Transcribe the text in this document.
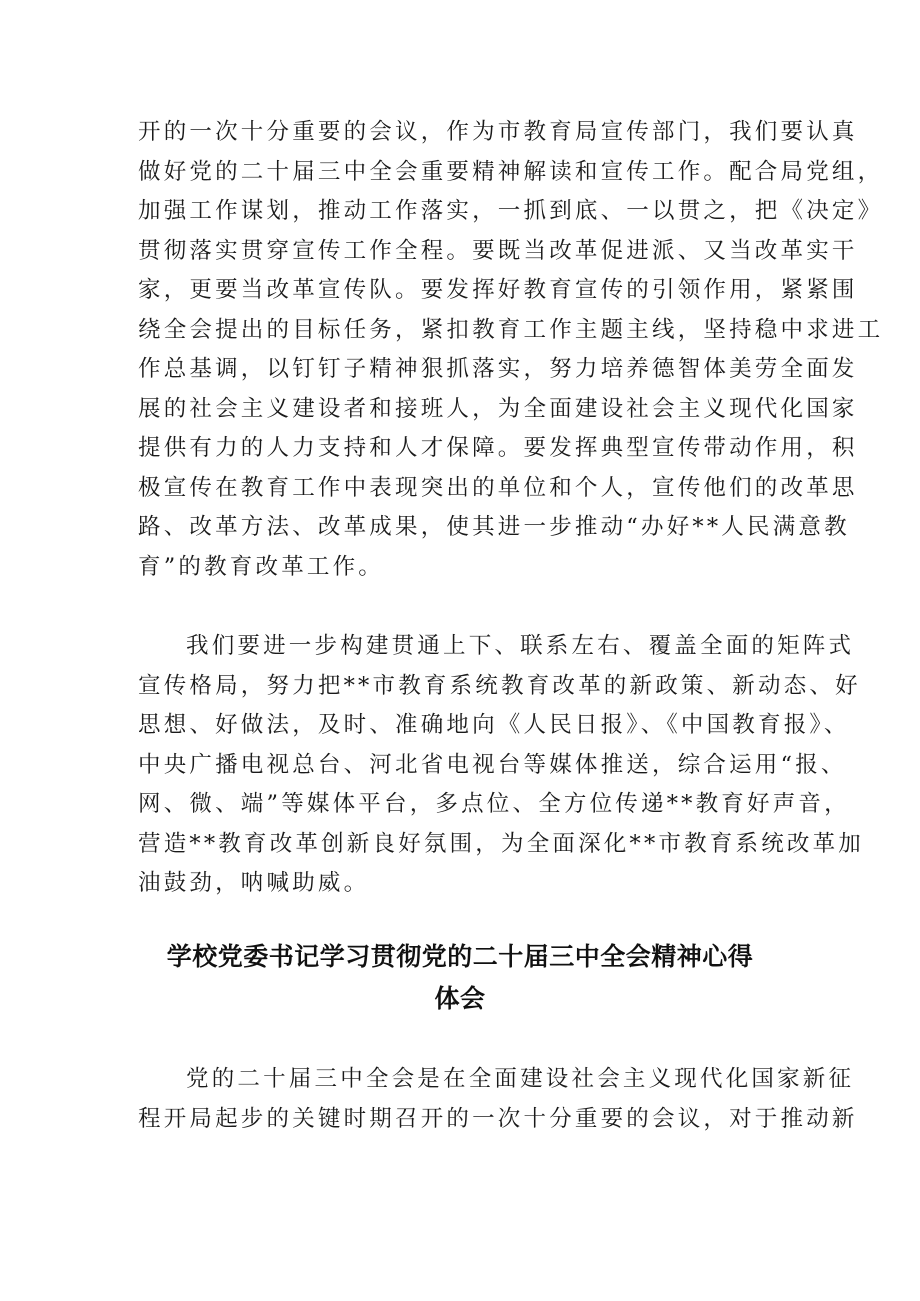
开的一次十分重要的会议，作为市教育局宣传部门，我们要认真
做好党的二十届三中全会重要精神解读和宣传工作。配合局党组，
加强工作谋划，推动工作落实，一抓到底、一以贯之，把《决定》
贯彻落实贯穿宣传工作全程。要既当改革促进派、又当改革实干
家，更要当改革宣传队。要发挥好教育宣传的引领作用，紧紧围
绕全会提出的目标任务，紧扣教育工作主题主线，坚持稳中求进工
作总基调，以钉钉子精神狠抓落实，努力培养德智体美劳全面发
展的社会主义建设者和接班人，为全面建设社会主义现代化国家
提供有力的人力支持和人才保障。要发挥典型宣传带动作用，积
极宣传在教育工作中表现突出的单位和个人，宣传他们的改革思
路、改革方法、改革成果，使其进一步推动“办好**人民满意教
育”的教育改革工作。

我们要进一步构建贯通上下、联系左右、覆盖全面的矩阵式
宣传格局，努力把**市教育系统教育改革的新政策、新动态、好
思想、好做法，及时、准确地向《人民日报》、《中国教育报》、
中央广播电视总台、河北省电视台等媒体推送，综合运用“报、
网、微、端”等媒体平台，多点位、全方位传递**教育好声音，
营造**教育改革创新良好氛围，为全面深化**市教育系统改革加
油鼓劲，呐喊助威。

学校党委书记学习贯彻党的二十届三中全会精神心得
体会

党的二十届三中全会是在全面建设社会主义现代化国家新征
程开局起步的关键时期召开的一次十分重要的会议，对于推动新
